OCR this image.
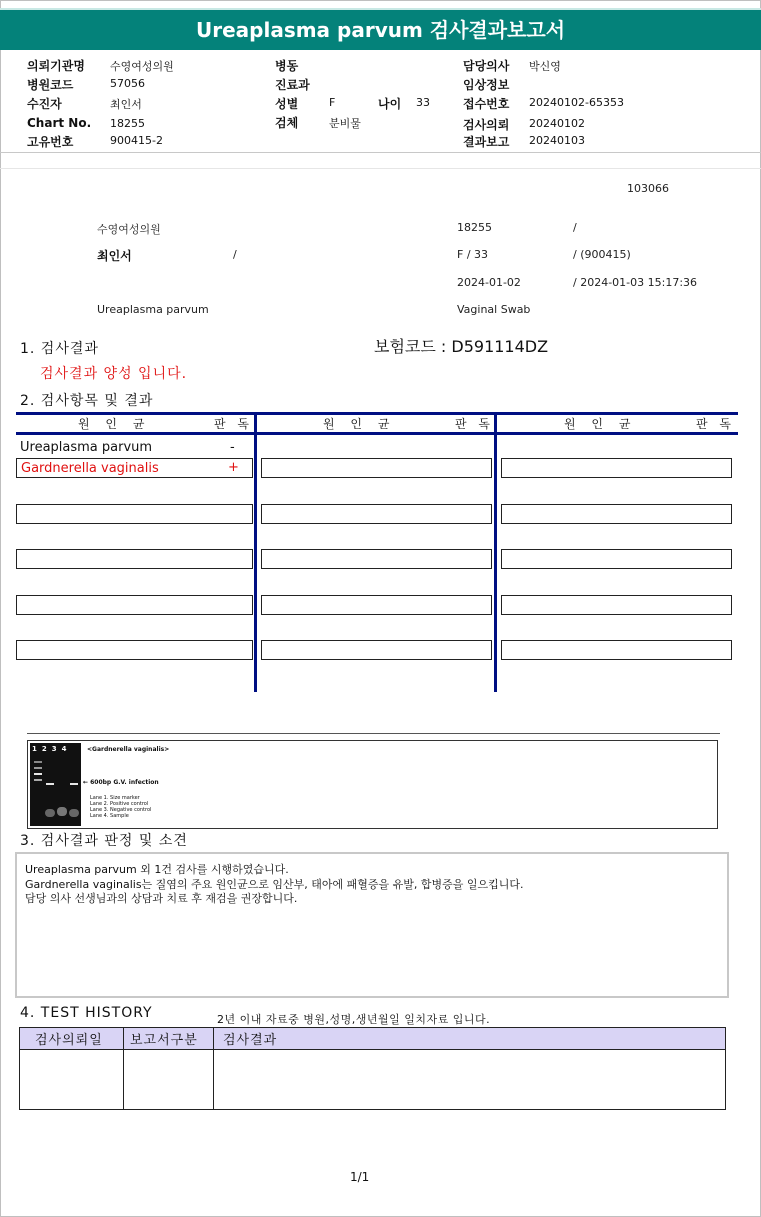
Ureaplasma parvum 검사결과보고서
의뢰기관명 수영여성의원
병원코드	57056
수진자	최인서
Chart No. 18255
고유번호	900415-2
병동
진료과
성별	F	나이 33
검체	분비물
담당의사 박신영
임상정보
접수번호 20240102-65353
검사의뢰 20240102
결과보고 20240103
103066
수영여성의원	18255	/
최인서	/	F / 33	/ (900415)
2024-01-02	/ 2024-01-03 15:17:36
Ureaplasma parvum	Vaginal Swab
1. 검사결과	보험코드 : D591114DZ
검사결과 양성 입니다.
2. 검사항목 및 결과
원 인 균	판 독	원 인 균	판 독	원 인 균	판 독
Ureaplasma parvum	-
Gardnerella vaginalis	+
1234	<Gardnerella vaginalis>
← 600bp G.V. infection
Lane 1. Size marker
Lane 2. Positive control
Lane 3. Negative control
Lane 4. Sample
3. 검사결과 판정 및 소견
Ureaplasma parvum 외 1건 검사를 시행하였습니다.
Gardnerella vaginalis는 질염의 주요 원인균으로 임산부, 태아에 패혈증을 유발, 합병증을 일으킵니다.
담당 의사 선생님과의 상담과 치료 후 재검을 권장합니다.
4. TEST HISTORY	2년 이내 자료중 병원,성명,생년월일 일치자료 입니다.
검사의뢰일 보고서구분 검사결과
1/1
